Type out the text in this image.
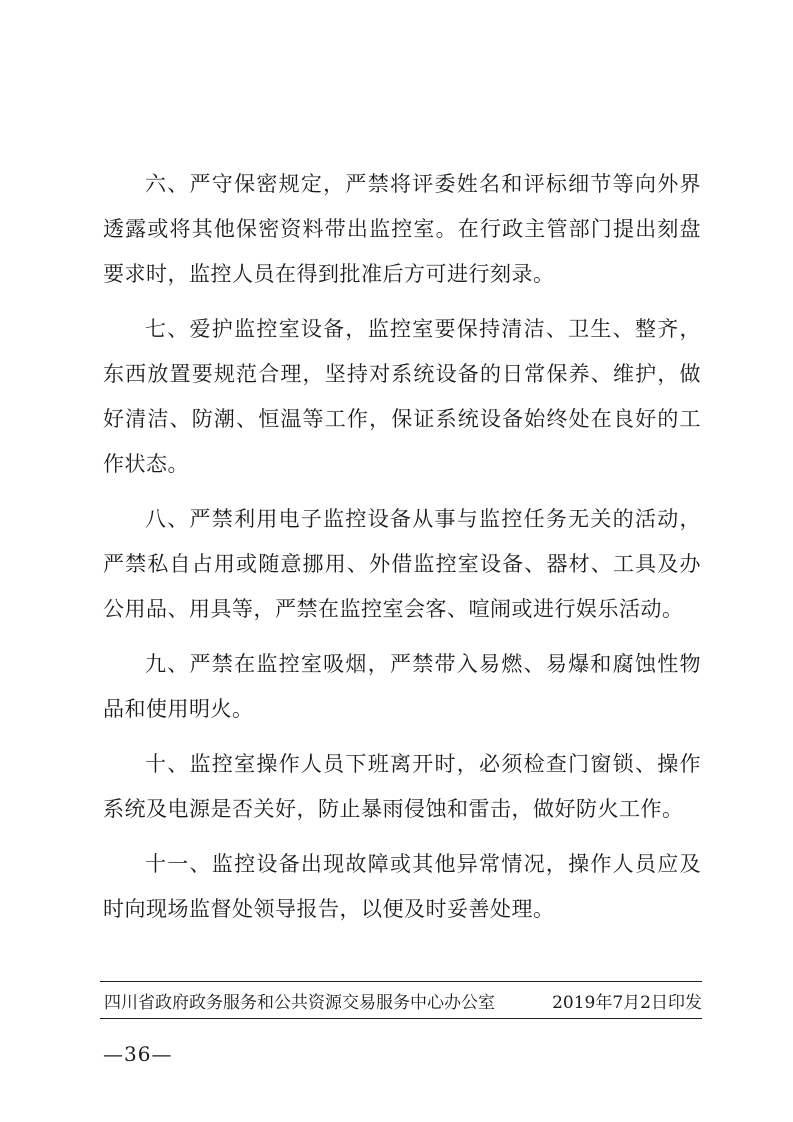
六、严守保密规定，严禁将评委姓名和评标细节等向外界透露或将其他保密资料带出监控室。在行政主管部门提出刻盘要求时，监控人员在得到批准后方可进行刻录。

七、爱护监控室设备，监控室要保持清洁、卫生、整齐，东西放置要规范合理，坚持对系统设备的日常保养、维护，做好清洁、防潮、恒温等工作，保证系统设备始终处在良好的工作状态。

八、严禁利用电子监控设备从事与监控任务无关的活动，严禁私自占用或随意挪用、外借监控室设备、器材、工具及办公用品、用具等，严禁在监控室会客、喧闹或进行娱乐活动。

九、严禁在监控室吸烟，严禁带入易燃、易爆和腐蚀性物品和使用明火。

十、监控室操作人员下班离开时，必须检查门窗锁、操作系统及电源是否关好，防止暴雨侵蚀和雷击，做好防火工作。

十一、监控设备出现故障或其他异常情况，操作人员应及时向现场监督处领导报告，以便及时妥善处理。

四川省政府政务服务和公共资源交易服务中心办公室	2019年7月2日印发
—36—
